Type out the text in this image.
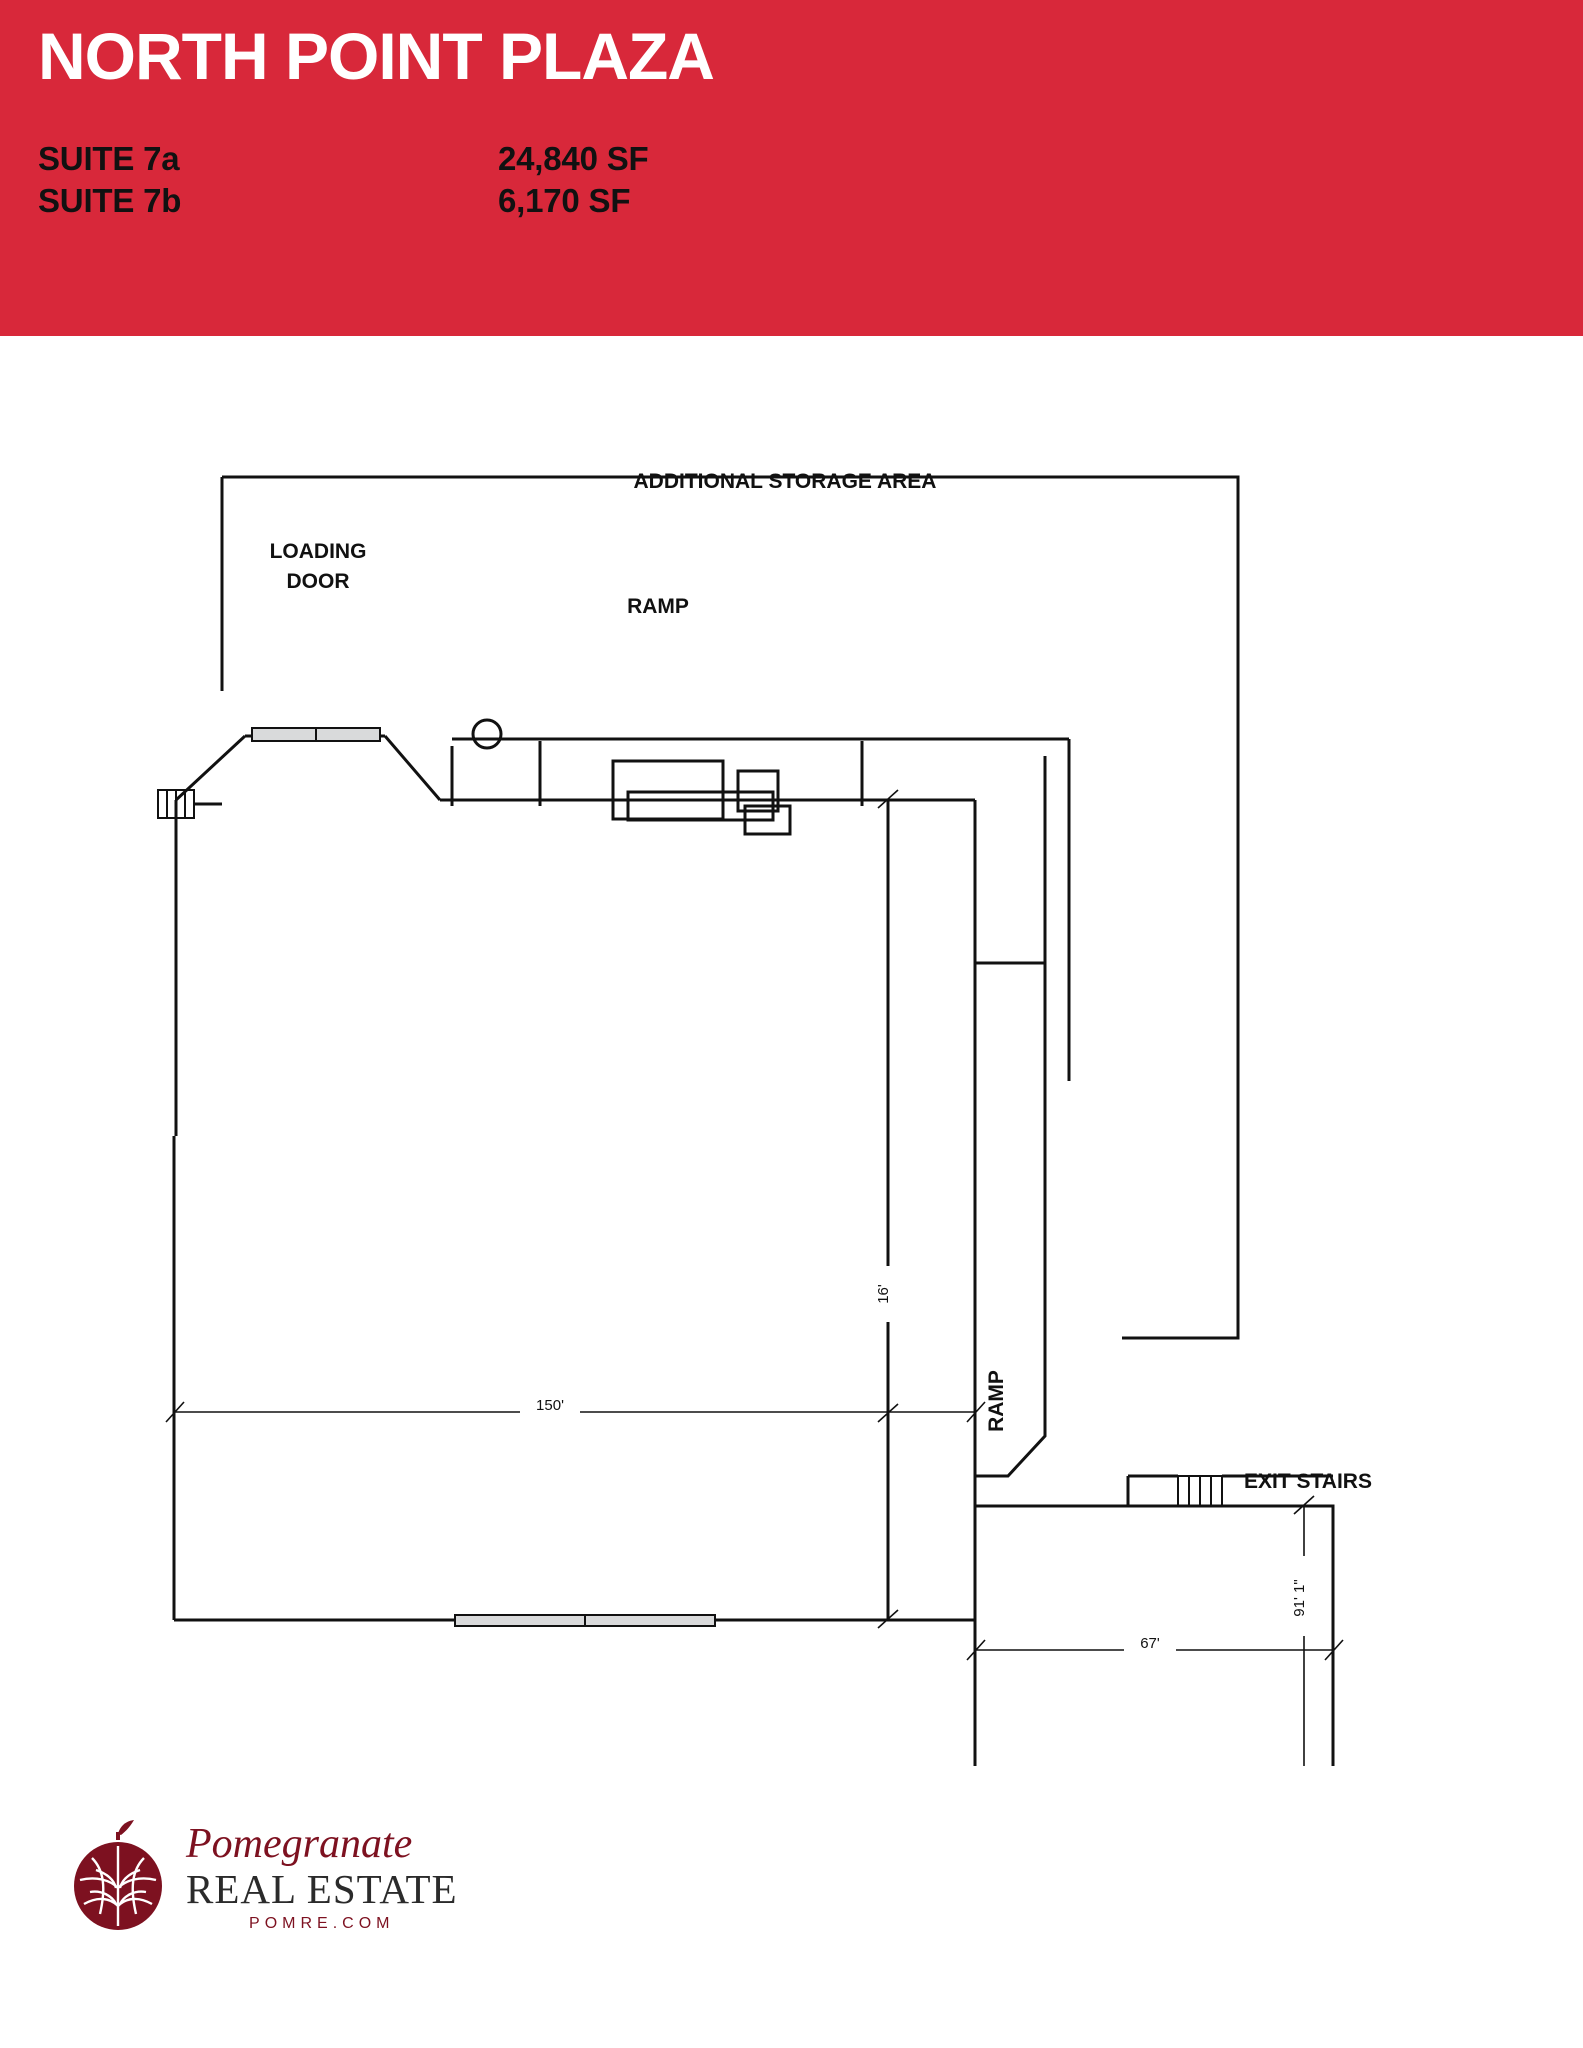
NORTH POINT PLAZA
SUITE 7a	24,840 SF
SUITE 7b	6,170 SF
150'
16'
67'
91' 1"
ADDITIONAL STORAGE AREA
LOADING
DOOR
RAMP
RAMP
EXIT STAIRS
Pomegranate
REAL ESTATE
POMRE.COM
